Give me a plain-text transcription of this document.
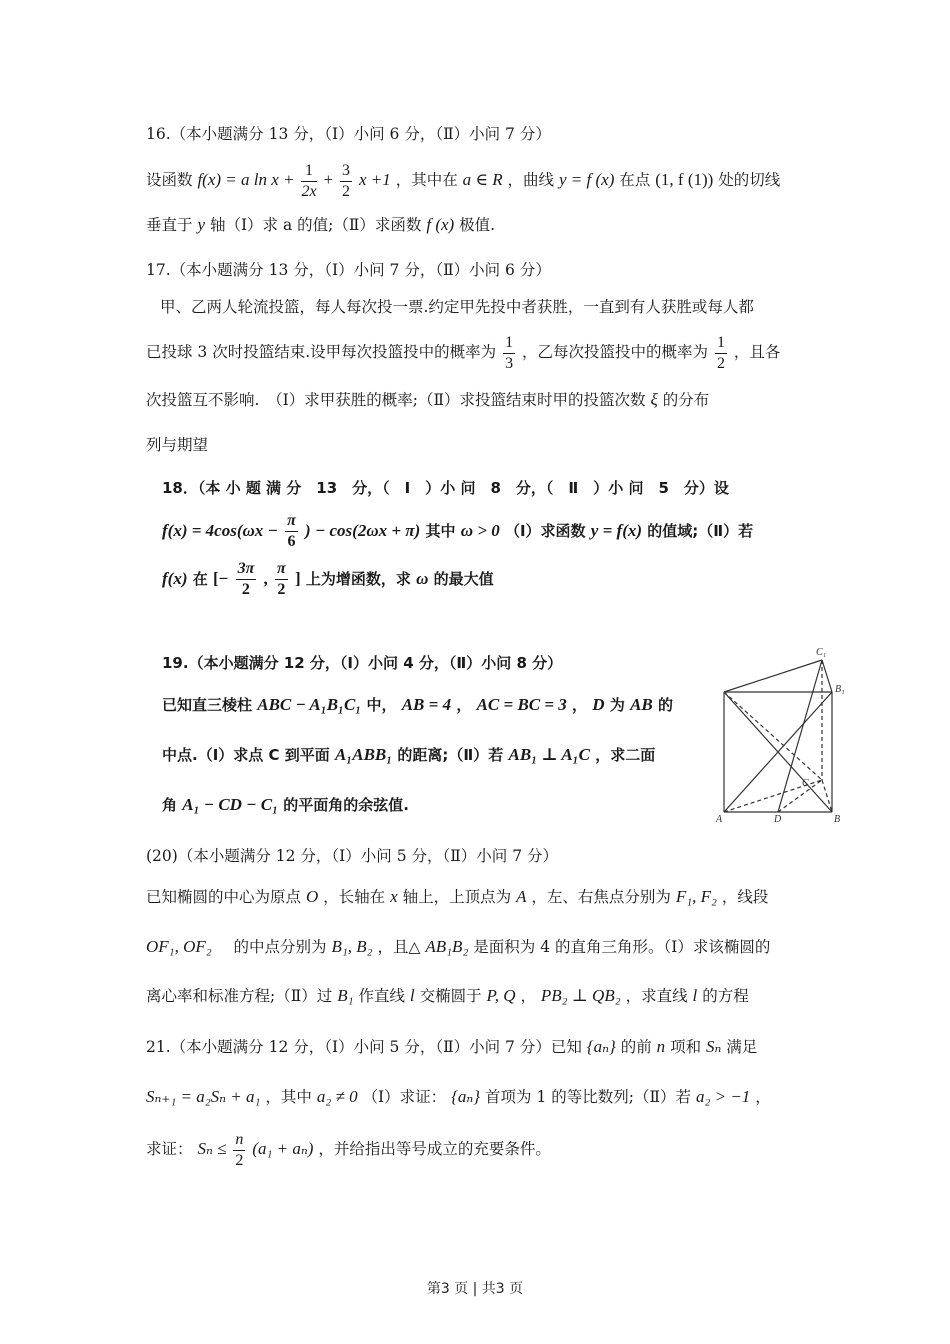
16.（本小题满分 13 分，（Ⅰ）小问 6 分，（Ⅱ）小问 7 分）
设函数 f(x) = a $\ln x + \frac{1}{2x} + \frac{3}{2}$ x +1 ，其中在 a ∈ R ，曲线 y = f (x) 在点 (1, f (1)) 处的切线
垂直于 y 轴（Ⅰ）求 a 的值;（Ⅱ）求函数 f (x) 极值.
17.（本小题满分 13 分，（Ⅰ）小问 7 分，（Ⅱ）小问 6 分）
甲、乙两人轮流投篮，每人每次投一票.约定甲先投中者获胜，一直到有人获胜或每人都
已投球 3 次时投篮结束.设甲每次投篮投中的概率为 $\frac{1}{3}$ ，乙每次投篮投中的概率为 $\frac{1}{2}$ ，且各
次投篮互不影响.　（Ⅰ）求甲获胜的概率;（Ⅱ）求投篮结束时甲的投篮次数 ξ 的分布
列与期望
18．（本 小 题 满 分　13　分，（　Ⅰ　）小 问　8　分，（　Ⅱ　）小 问　5　分）设
$f(x) = 4\cos(\omega x - \frac{\pi}{6}$ ) − cos(2ωx + π) 其中 ω > 0 （Ⅰ）求函数 y = f(x) 的值域;（Ⅱ）若
f(x) 在 [− $\frac{3\pi}{2}$ , $\frac{\pi}{2}$ ] 上为增函数，求 ω 的最大值
19.（本小题满分 12 分，（Ⅰ）小问 4 分，（Ⅱ）小问 8 分）
已知直三棱柱 ABC − A₁B₁C₁ 中， AB = 4 ， AC = BC = 3 ， D 为 AB 的
中点.（Ⅰ）求点 C 到平面 A₁ABB₁ 的距离;（Ⅱ）若 AB₁ ⊥ A₁C ，求二面
角 A₁ − CD − C₁ 的平面角的余弦值.
A	D	B
C
C₁
B₁
(20)（本小题满分 12 分，（Ⅰ）小问 5 分，（Ⅱ）小问 7 分）
已知椭圆的中心为原点 O ，长轴在 x 轴上，上顶点为 A ，左、右焦点分别为 F₁, F₂ ，线段
OF₁, OF₂ 的中点分别为 B₁, B₂ ，且△ AB₁B₂ 是面积为 4 的直角三角形。（Ⅰ）求该椭圆的
离心率和标准方程;（Ⅱ）过 B₁ 作直线 l 交椭圆于 P, Q ， PB₂ ⊥ QB₂ ，求直线 l 的方程
21.（本小题满分 12 分，（Ⅰ）小问 5 分，（Ⅱ）小问 7 分）已知 {aₙ} 的前 n 项和 Sₙ 满足
Sₙ₊₁ = a₂Sₙ + a₁ ，其中 a₂ ≠ 0 （Ⅰ）求证： {aₙ} 首项为 1 的等比数列;（Ⅱ）若 a₂ > −1 ，
求证： $S_n \le \frac{n}{2} (a_1 + a_n)$ ，并给指出等号成立的充要条件。
第3 页 | 共3 页
